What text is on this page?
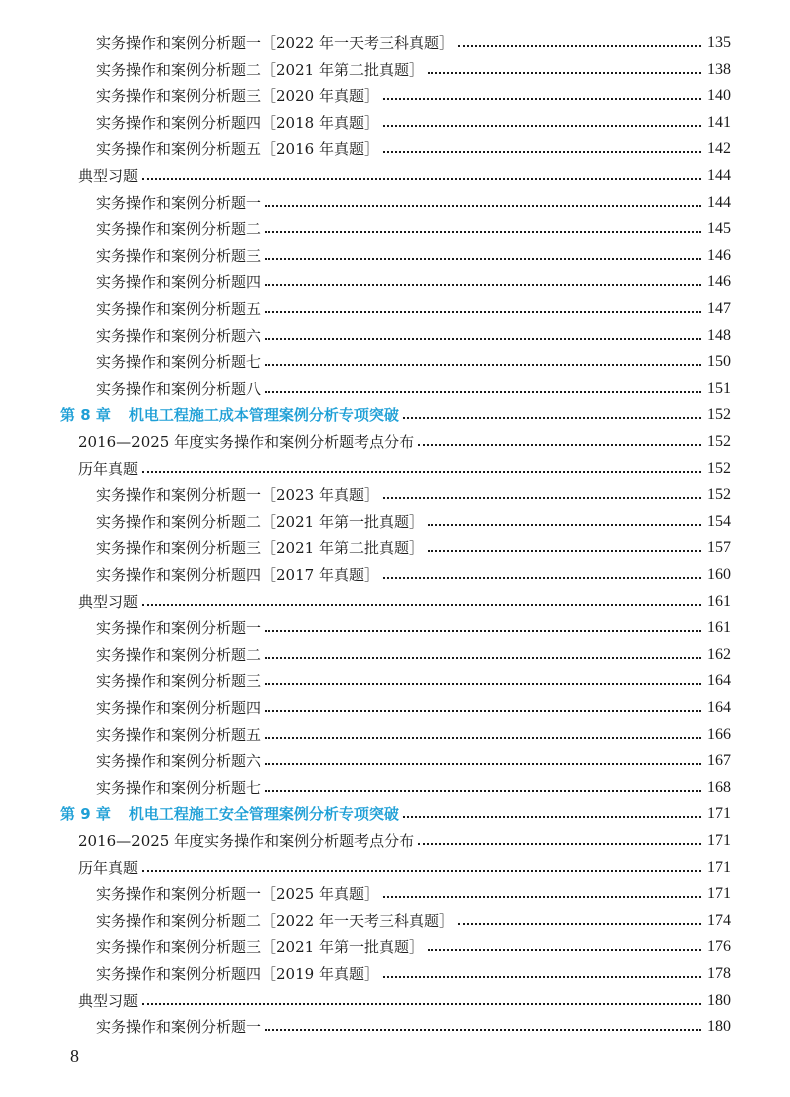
实务操作和案例分析题一［2022 年一天考三科真题］	135
实务操作和案例分析题二［2021 年第二批真题］	138
实务操作和案例分析题三［2020 年真题］	140
实务操作和案例分析题四［2018 年真题］	141
实务操作和案例分析题五［2016 年真题］	142
典型习题	144
实务操作和案例分析题一	144
实务操作和案例分析题二	145
实务操作和案例分析题三	146
实务操作和案例分析题四	146
实务操作和案例分析题五	147
实务操作和案例分析题六	148
实务操作和案例分析题七	150
实务操作和案例分析题八	151
第 8 章 机电工程施工成本管理案例分析专项突破	152
2016—2025 年度实务操作和案例分析题考点分布	152
历年真题	152
实务操作和案例分析题一［2023 年真题］	152
实务操作和案例分析题二［2021 年第一批真题］	154
实务操作和案例分析题三［2021 年第二批真题］	157
实务操作和案例分析题四［2017 年真题］	160
典型习题	161
实务操作和案例分析题一	161
实务操作和案例分析题二	162
实务操作和案例分析题三	164
实务操作和案例分析题四	164
实务操作和案例分析题五	166
实务操作和案例分析题六	167
实务操作和案例分析题七	168
第 9 章 机电工程施工安全管理案例分析专项突破	171
2016—2025 年度实务操作和案例分析题考点分布	171
历年真题	171
实务操作和案例分析题一［2025 年真题］	171
实务操作和案例分析题二［2022 年一天考三科真题］	174
实务操作和案例分析题三［2021 年第一批真题］	176
实务操作和案例分析题四［2019 年真题］	178
典型习题	180
实务操作和案例分析题一	180
8
